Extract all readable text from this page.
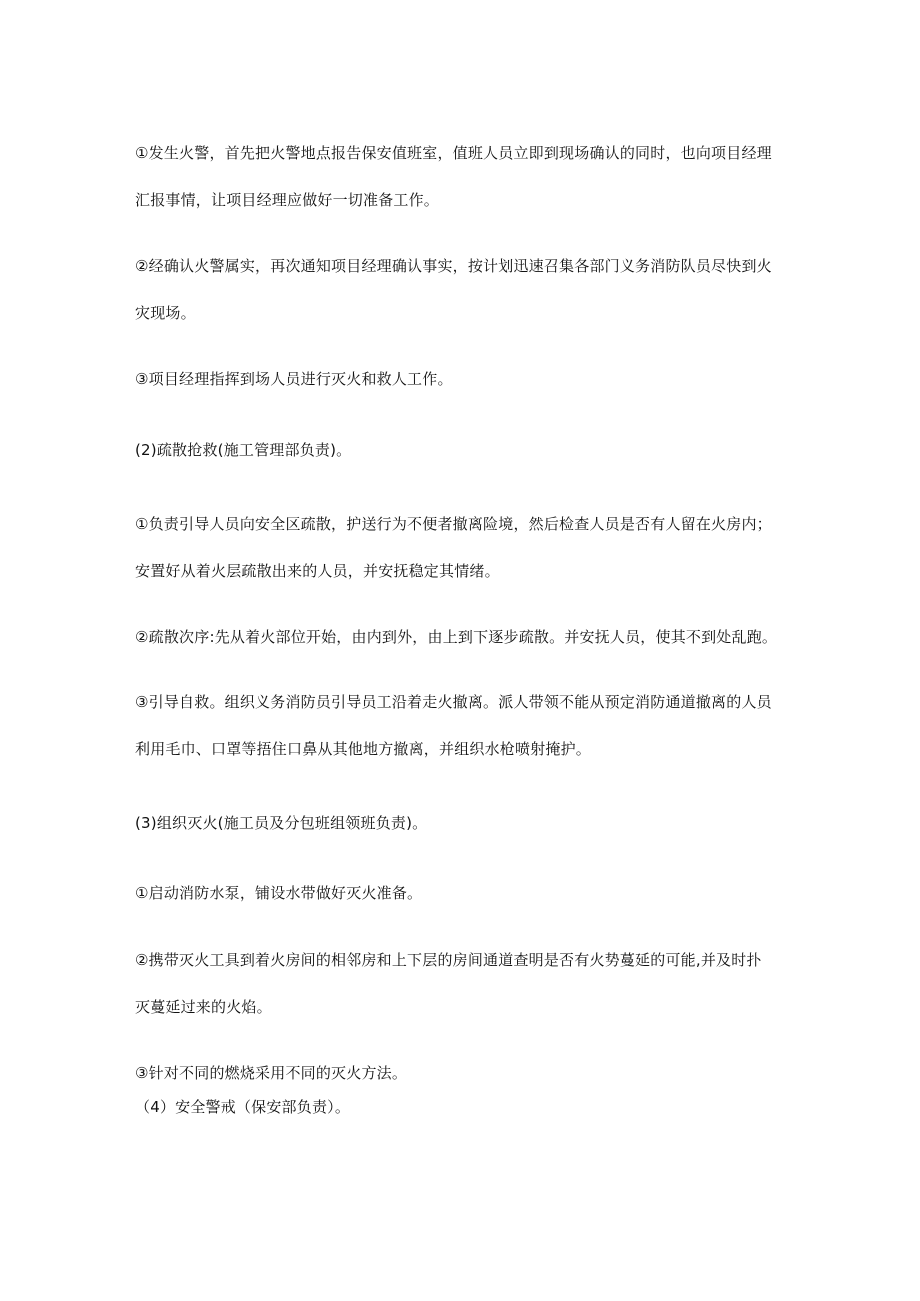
①发生火警，首先把火警地点报告保安值班室，值班人员立即到现场确认的同时，也向项目经理
汇报事情，让项目经理应做好一切准备工作。
②经确认火警属实，再次通知项目经理确认事实，按计划迅速召集各部门义务消防队员尽快到火
灾现场。
③项目经理指挥到场人员进行灭火和救人工作。
(2)疏散抢救(施工管理部负责)。
①负责引导人员向安全区疏散，护送行为不便者撤离险境，然后检查人员是否有人留在火房内；
安置好从着火层疏散出来的人员，并安抚稳定其情绪。
②疏散次序:先从着火部位开始，由内到外，由上到下逐步疏散。并安抚人员，使其不到处乱跑。
③引导自救。组织义务消防员引导员工沿着走火撤离。派人带领不能从预定消防通道撤离的人员
利用毛巾、口罩等捂住口鼻从其他地方撤离，并组织水枪喷射掩护。
(3)组织灭火(施工员及分包班组领班负责)。
①启动消防水泵，铺设水带做好灭火准备。
②携带灭火工具到着火房间的相邻房和上下层的房间通道查明是否有火势蔓延的可能,并及时扑
灭蔓延过来的火焰。
③针对不同的燃烧采用不同的灭火方法。
（4）安全警戒（保安部负责）。
